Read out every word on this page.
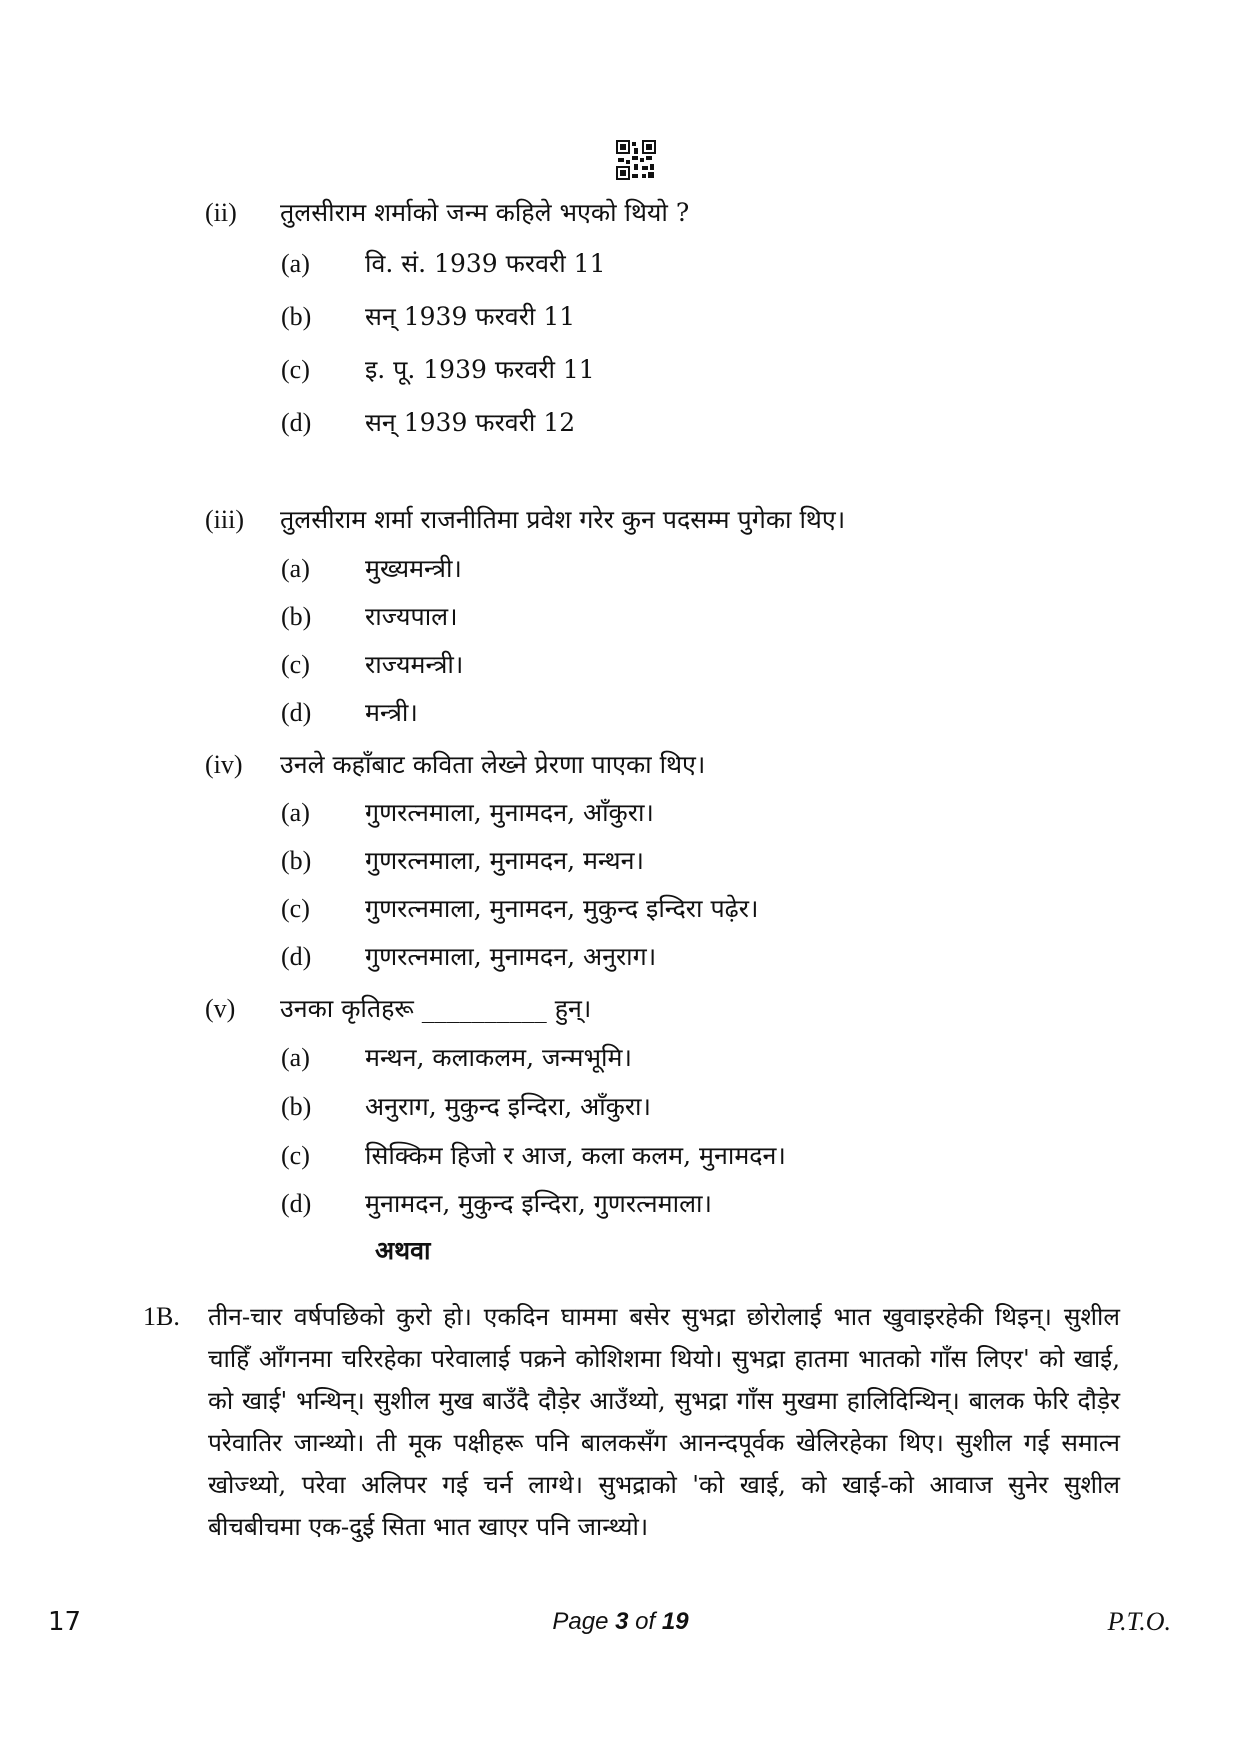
(ii) तुलसीराम शर्माको जन्म कहिले भएको थियो ?
(a) वि. सं. 1939 फरवरी 11
(b) सन् 1939 फरवरी 11
(c) इ. पू. 1939 फरवरी 11
(d) सन् 1939 फरवरी 12
(iii) तुलसीराम शर्मा राजनीतिमा प्रवेश गरेर कुन पदसम्म पुगेका थिए।
(a) मुख्यमन्त्री।
(b) राज्यपाल।
(c) राज्यमन्त्री।
(d) मन्त्री।
(iv) उनले कहाँबाट कविता लेख्ने प्रेरणा पाएका थिए।
(a) गुणरत्नमाला, मुनामदन, आँकुरा।
(b) गुणरत्नमाला, मुनामदन, मन्थन।
(c) गुणरत्नमाला, मुनामदन, मुकुन्द इन्दिरा पढ़ेर।
(d) गुणरत्नमाला, मुनामदन, अनुराग।
(v) उनका कृतिहरू __________ हुन्।
(a) मन्थन, कलाकलम, जन्मभूमि।
(b) अनुराग, मुकुन्द इन्दिरा, आँकुरा।
(c) सिक्किम हिजो र आज, कला कलम, मुनामदन।
(d) मुनामदन, मुकुन्द इन्दिरा, गुणरत्नमाला।
अथवा
1B. तीन-चार वर्षपछिको कुरो हो। एकदिन घाममा बसेर सुभद्रा छोरोलाई भात खुवाइरहेकी थिइन्। सुशील चाहिँ आँगनमा चरिरहेका परेवालाई पक्रने कोशिशमा थियो। सुभद्रा हातमा भातको गाँस लिएर' को खाई, को खाई' भन्थिन्। सुशील मुख बाउँदै दौड़ेर आउँथ्यो, सुभद्रा गाँस मुखमा हालिदिन्थिन्। बालक फेरि दौड़ेर परेवातिर जान्थ्यो। ती मूक पक्षीहरू पनि बालकसँग आनन्दपूर्वक खेलिरहेका थिए। सुशील गई समात्न खोज्थ्यो, परेवा अलिपर गई चर्न लाग्थे। सुभद्राको 'को खाई, को खाई-को आवाज सुनेर सुशील बीचबीचमा एक-दुई सिता भात खाएर पनि जान्थ्यो।
17	Page 3 of 19	P.T.O.
